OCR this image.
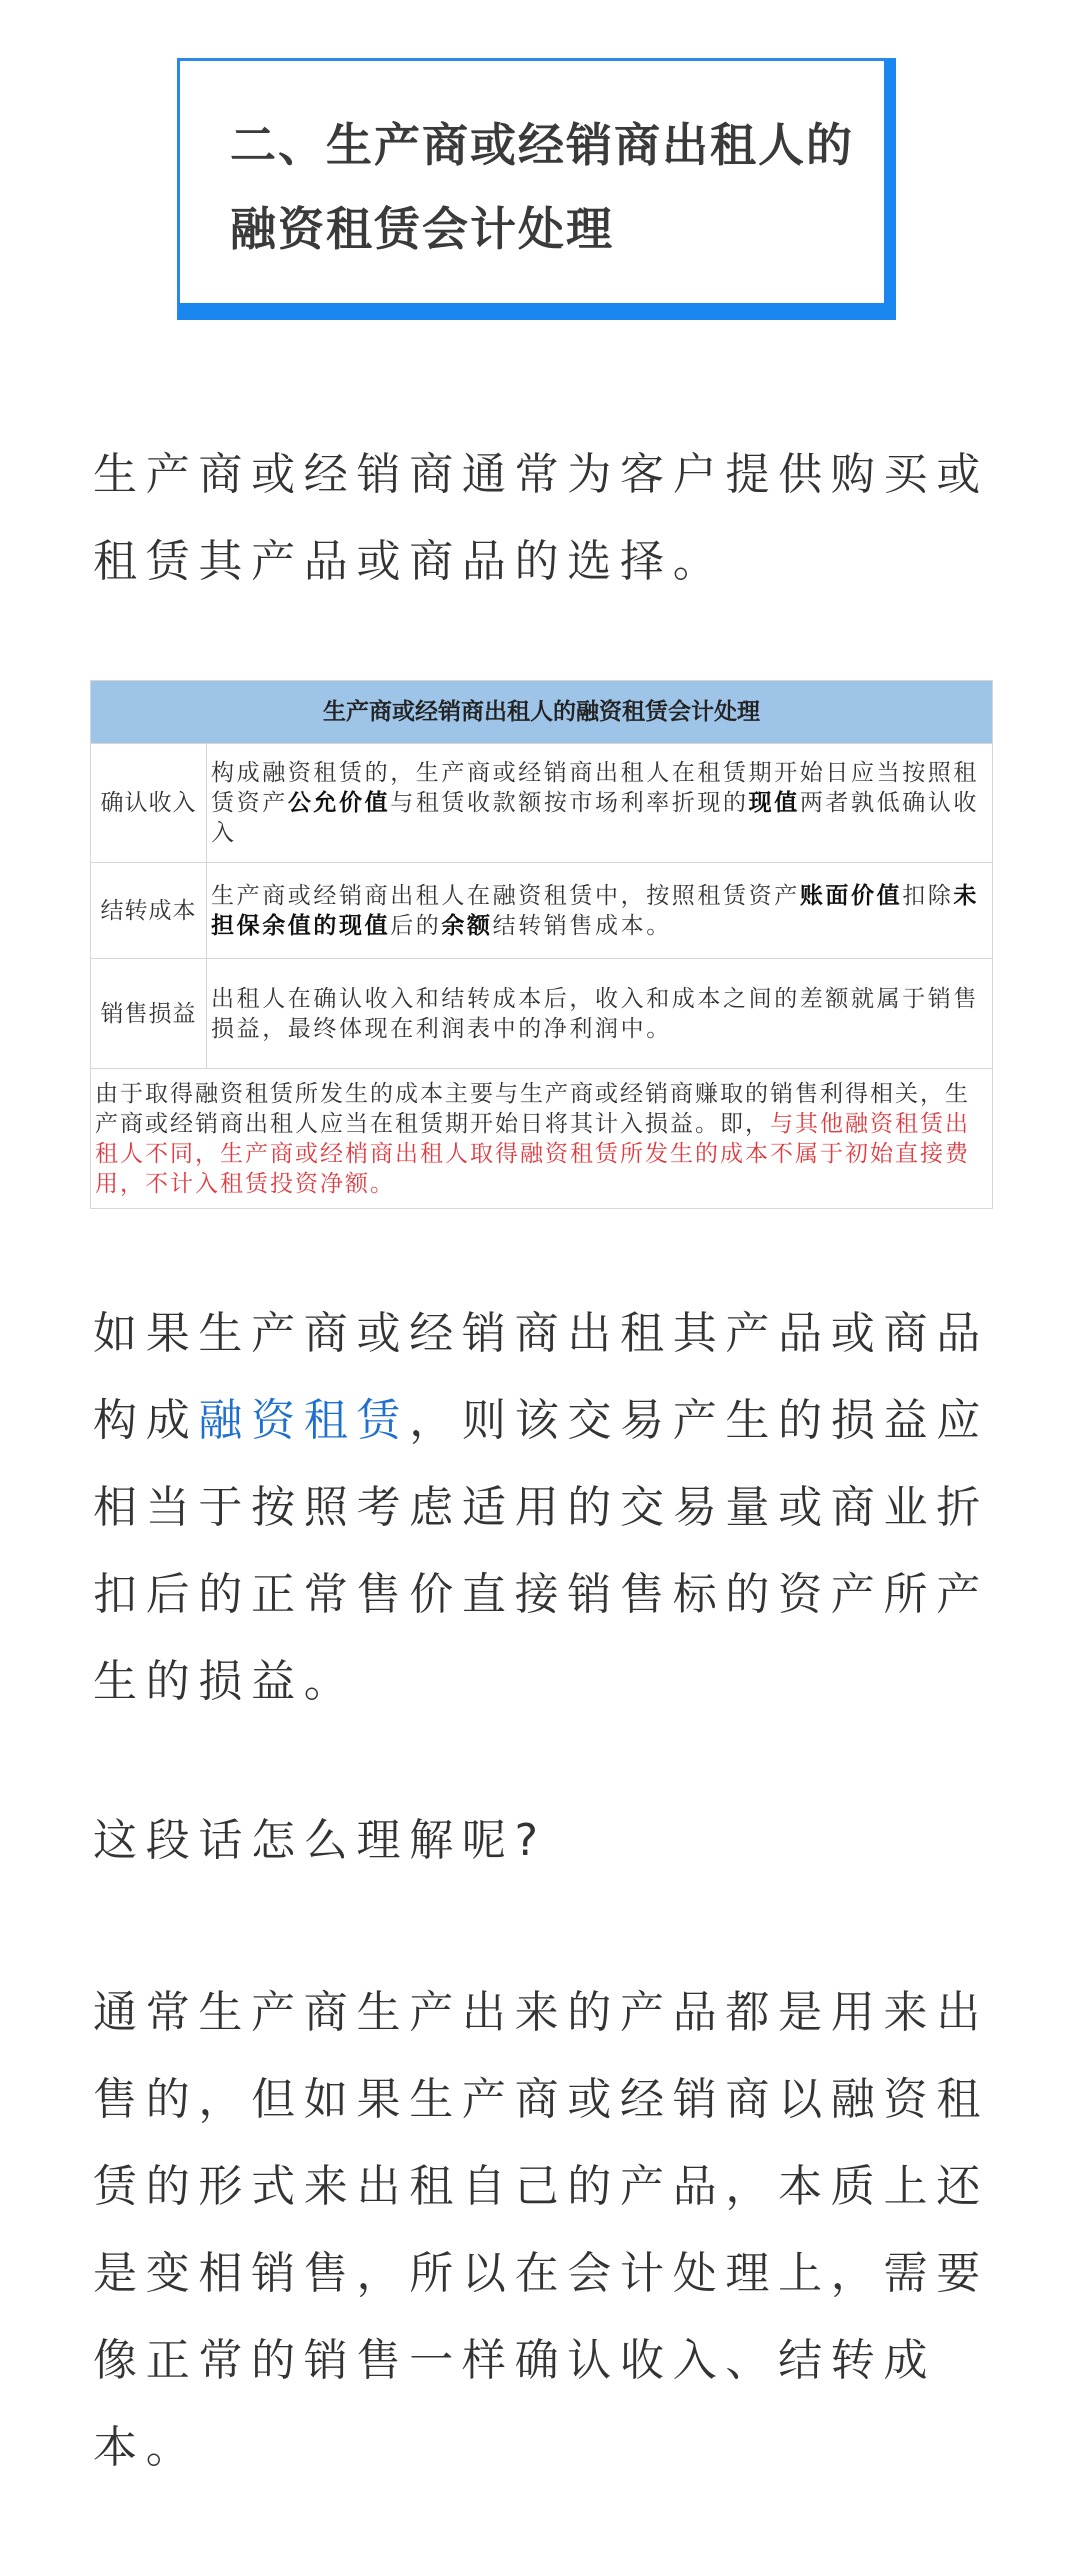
二、生产商或经销商出租人的融资租赁会计处理
生产商或经销商通常为客户提供购买或租赁其产品或商品的选择。
生产商或经销商出租人的融资租赁会计处理	
确认收入	构成融资租赁的，生产商或经销商出租人在租赁期开始日应当按照租赁资产公允价值与租赁收款额按市场利率折现的现值两者孰低确认收入
结转成本	生产商或经销商出租人在融资租赁中，按照租赁资产账面价值扣除未担保余值的现值后的余额结转销售成本。
销售损益	出租人在确认收入和结转成本后，收入和成本之间的差额就属于销售损益，最终体现在利润表中的净利润中。
由于取得融资租赁所发生的成本主要与生产商或经销商赚取的销售利得相关，生产商或经销商出租人应当在租赁期开始日将其计入损益。即，与其他融资租赁出租人不同，生产商或经梢商出租人取得融资租赁所发生的成本不属于初始直接费用，不计入租赁投资净额。	
如果生产商或经销商出租其产品或商品构成融资租赁，则该交易产生的损益应相当于按照考虑适用的交易量或商业折扣后的正常售价直接销售标的资产所产生的损益。
这段话怎么理解呢?
通常生产商生产出来的产品都是用来出售的，但如果生产商或经销商以融资租赁的形式来出租自己的产品，本质上还是变相销售，所以在会计处理上，需要像正常的销售一样确认收入、结转成本。
